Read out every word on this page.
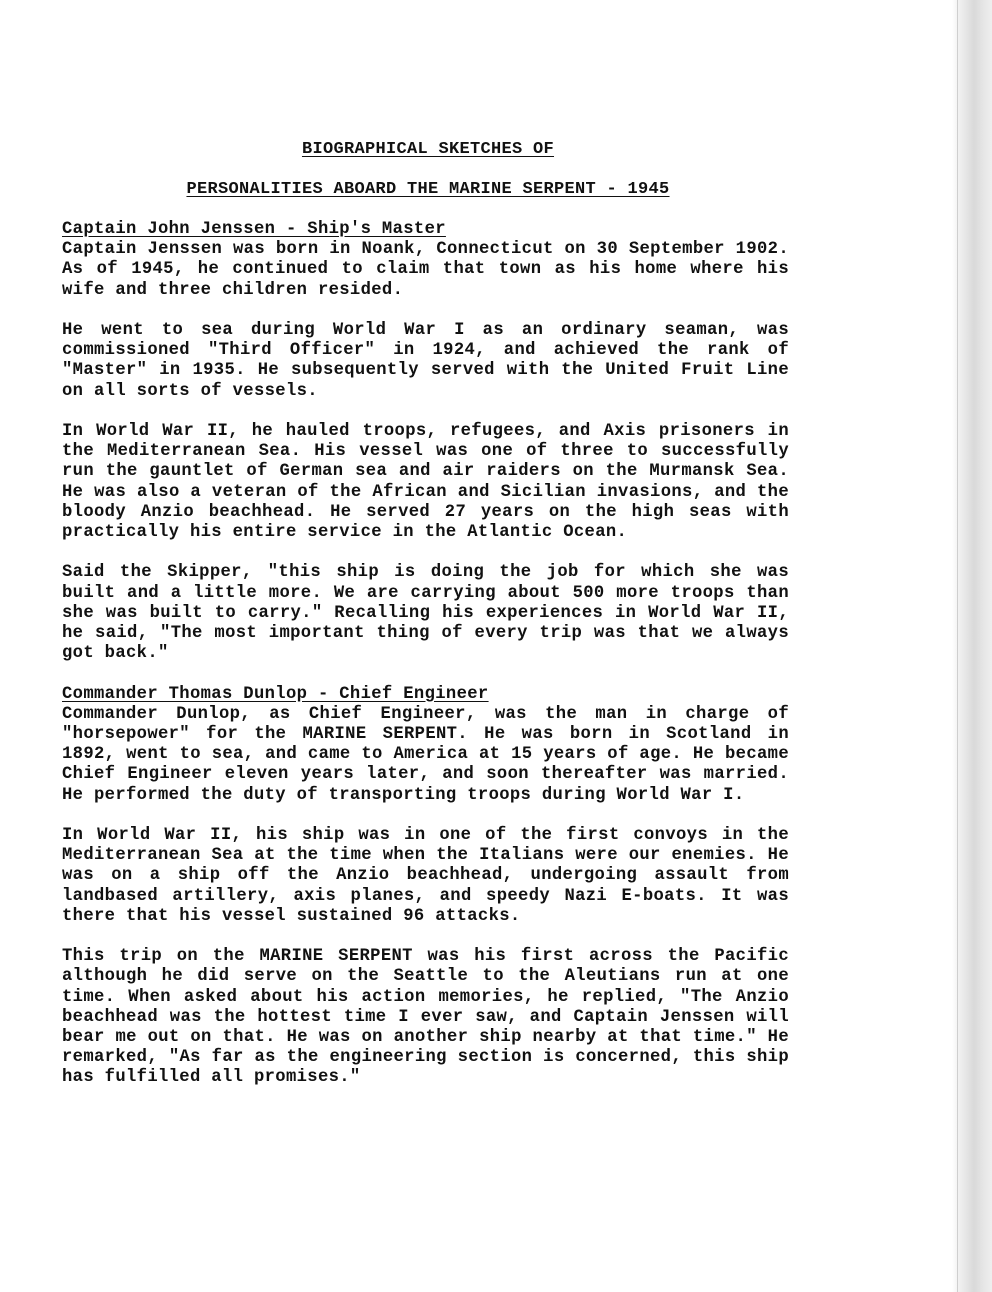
BIOGRAPHICAL SKETCHES OF
PERSONALITIES ABOARD THE MARINE SERPENT - 1945
Captain John Jenssen - Ship's Master

Captain Jenssen was born in Noank, Connecticut on 30 September 1902. As of 1945, he continued to claim that town as his home where his wife and three children resided.

He went to sea during World War I as an ordinary seaman, was commissioned "Third Officer" in 1924, and achieved the rank of "Master" in 1935. He subsequently served with the United Fruit Line on all sorts of vessels.

In World War II, he hauled troops, refugees, and Axis prisoners in the Mediterranean Sea. His vessel was one of three to successfully run the gauntlet of German sea and air raiders on the Murmansk Sea. He was also a veteran of the African and Sicilian invasions, and the bloody Anzio beachhead. He served 27 years on the high seas with practically his entire service in the Atlantic Ocean.

Said the Skipper, "this ship is doing the job for which she was built and a little more. We are carrying about 500 more troops than she was built to carry." Recalling his experiences in World War II, he said, "The most important thing of every trip was that we always got back."

Commander Thomas Dunlop - Chief Engineer

Commander Dunlop, as Chief Engineer, was the man in charge of "horsepower" for the MARINE SERPENT. He was born in Scotland in 1892, went to sea, and came to America at 15 years of age. He became Chief Engineer eleven years later, and soon thereafter was married. He performed the duty of transporting troops during World War I.

In World War II, his ship was in one of the first convoys in the Mediterranean Sea at the time when the Italians were our enemies. He was on a ship off the Anzio beachhead, undergoing assault from landbased artillery, axis planes, and speedy Nazi E-boats. It was there that his vessel sustained 96 attacks.

This trip on the MARINE SERPENT was his first across the Pacific although he did serve on the Seattle to the Aleutians run at one time. When asked about his action memories, he replied, "The Anzio beachhead was the hottest time I ever saw, and Captain Jenssen will bear me out on that. He was on another ship nearby at that time." He remarked, "As far as the engineering section is concerned, this ship has fulfilled all promises."
